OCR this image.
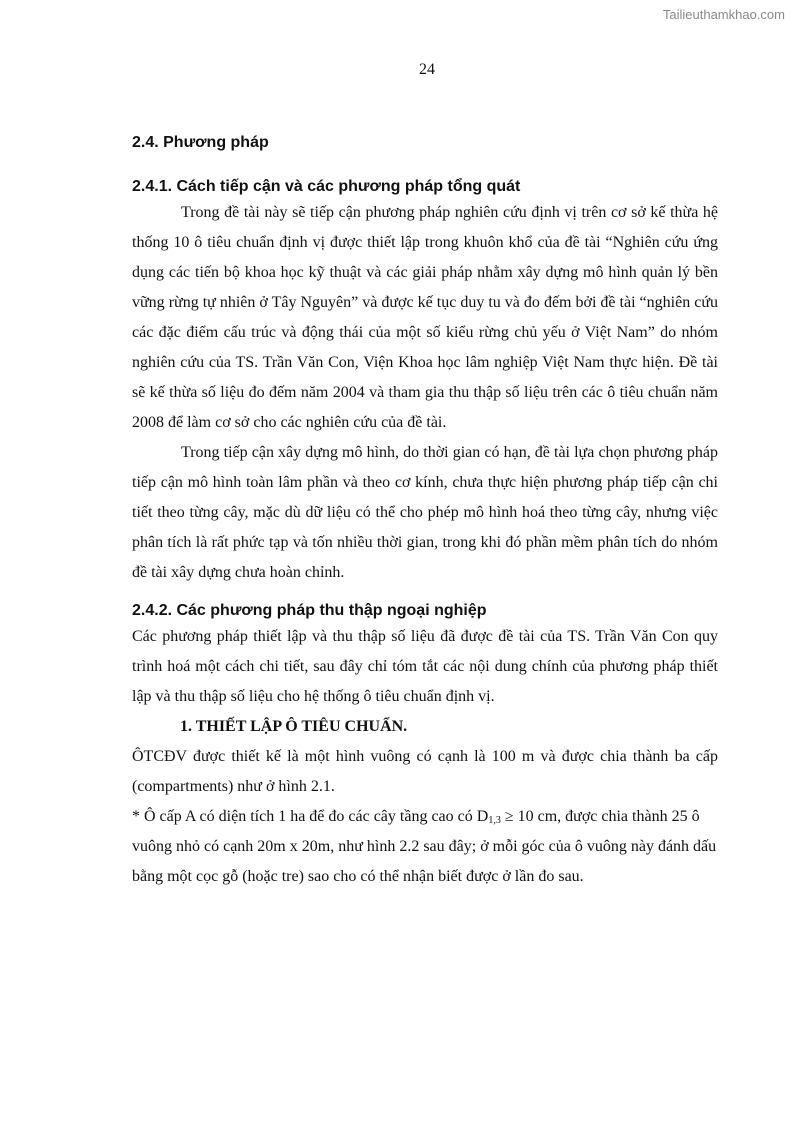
Tailieuthamkhao.com
24
2.4. Phương pháp
2.4.1. Cách tiếp cận và các phương pháp tổng quát

Trong đề tài này sẽ tiếp cận phương pháp nghiên cứu định vị trên cơ sở kế thừa hệ thống 10 ô tiêu chuẩn định vị được thiết lập trong khuôn khổ của đề tài “Nghiên cứu ứng dụng các tiến bộ khoa học kỹ thuật và các giải pháp nhằm xây dựng mô hình quản lý bền vững rừng tự nhiên ở Tây Nguyên” và được kế tục duy tu và đo đếm bởi đề tài “nghiên cứu các đặc điểm cấu trúc và động thái của một số kiểu rừng chủ yếu ở Việt Nam” do nhóm nghiên cứu của TS. Trần Văn Con, Viện Khoa học lâm nghiệp Việt Nam thực hiện. Đề tài sẽ kế thừa số liệu đo đếm năm 2004 và tham gia thu thập số liệu trên các ô tiêu chuẩn năm 2008 để làm cơ sở cho các nghiên cứu của đề tài.

Trong tiếp cận xây dựng mô hình, do thời gian có hạn, đề tài lựa chọn phương pháp tiếp cận mô hình toàn lâm phần và theo cơ kính, chưa thực hiện phương pháp tiếp cận chi tiết theo từng cây, mặc dù dữ liệu có thể cho phép mô hình hoá theo từng cây, nhưng việc phân tích là rất phức tạp và tốn nhiều thời gian, trong khi đó phần mềm phân tích do nhóm đề tài xây dựng chưa hoàn chỉnh.

2.4.2. Các phương pháp thu thập ngoại nghiệp

Các phương pháp thiết lập và thu thập số liệu đã được đề tài của TS. Trần Văn Con quy trình hoá một cách chi tiết, sau đây chỉ tóm tắt các nội dung chính của phương pháp thiết lập và thu thập số liệu cho hệ thống ô tiêu chuẩn định vị.

1. THIẾT LẬP Ô TIÊU CHUẨN.

ÔTCĐV được thiết kế là một hình vuông có cạnh là 100 m và được chia thành ba cấp (compartments) như ở hình 2.1.

* Ô cấp A có diện tích 1 ha để đo các cây tầng cao có $D_{1,3} \ge 10$ cm, được chia thành 25 ô vuông nhỏ có cạnh 20m x 20m, như hình 2.2 sau đây; ở mỗi góc của ô vuông này đánh dấu bằng một cọc gỗ (hoặc tre) sao cho có thể nhận biết được ở lần đo sau.
